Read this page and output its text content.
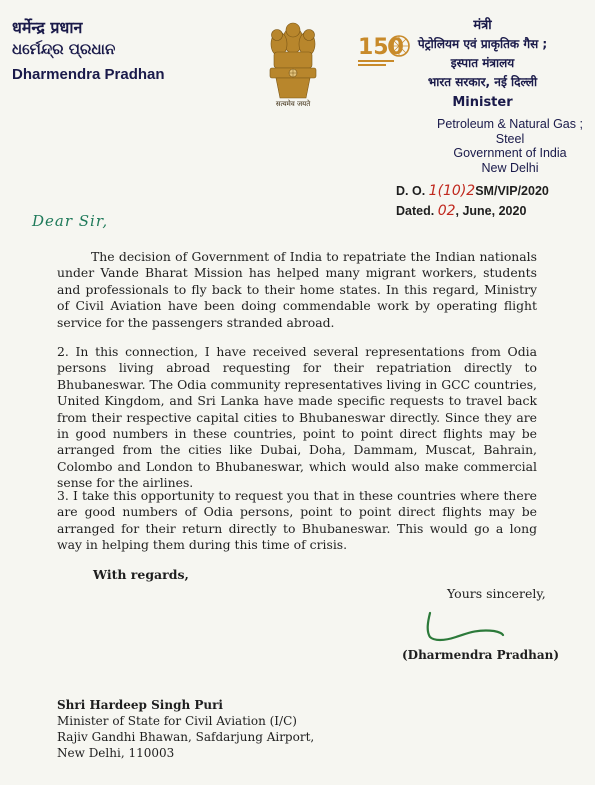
धर्मेन्द्र प्रधान
ଧର୍ମେନ୍ଦ୍ର ପ୍ରଧାନ
Dharmendra Pradhan
सत्यमेव जयते
150
मंत्री
पेट्रोलियम एवं प्राकृतिक गैस ;
इस्पात मंत्रालय
भारत सरकार, नई दिल्ली
Minister
Petroleum & Natural Gas ;
Steel
Government of India
New Delhi
D. O. 1(10)2SM/VIP/2020
Dated. 02, June, 2020
Dear Sir,
The decision of Government of India to repatriate the Indian nationals under Vande Bharat Mission has helped many migrant workers, students and professionals to fly back to their home states. In this regard, Ministry of Civil Aviation have been doing commendable work by operating flight service for the passengers stranded abroad.
2. In this connection, I have received several representations from Odia persons living abroad requesting for their repatriation directly to Bhubaneswar. The Odia community representatives living in GCC countries, United Kingdom, and Sri Lanka have made specific requests to travel back from their respective capital cities to Bhubaneswar directly. Since they are in good numbers in these countries, point to point direct flights may be arranged from the cities like Dubai, Doha, Dammam, Muscat, Bahrain, Colombo and London to Bhubaneswar, which would also make commercial sense for the airlines.
3. I take this opportunity to request you that in these countries where there are good numbers of Odia persons, point to point direct flights may be arranged for their return directly to Bhubaneswar. This would go a long way in helping them during this time of crisis.
With regards,
Yours sincerely,
(Dharmendra Pradhan)
Shri Hardeep Singh Puri
Minister of State for Civil Aviation (I/C)
Rajiv Gandhi Bhawan, Safdarjung Airport,
New Delhi, 110003
